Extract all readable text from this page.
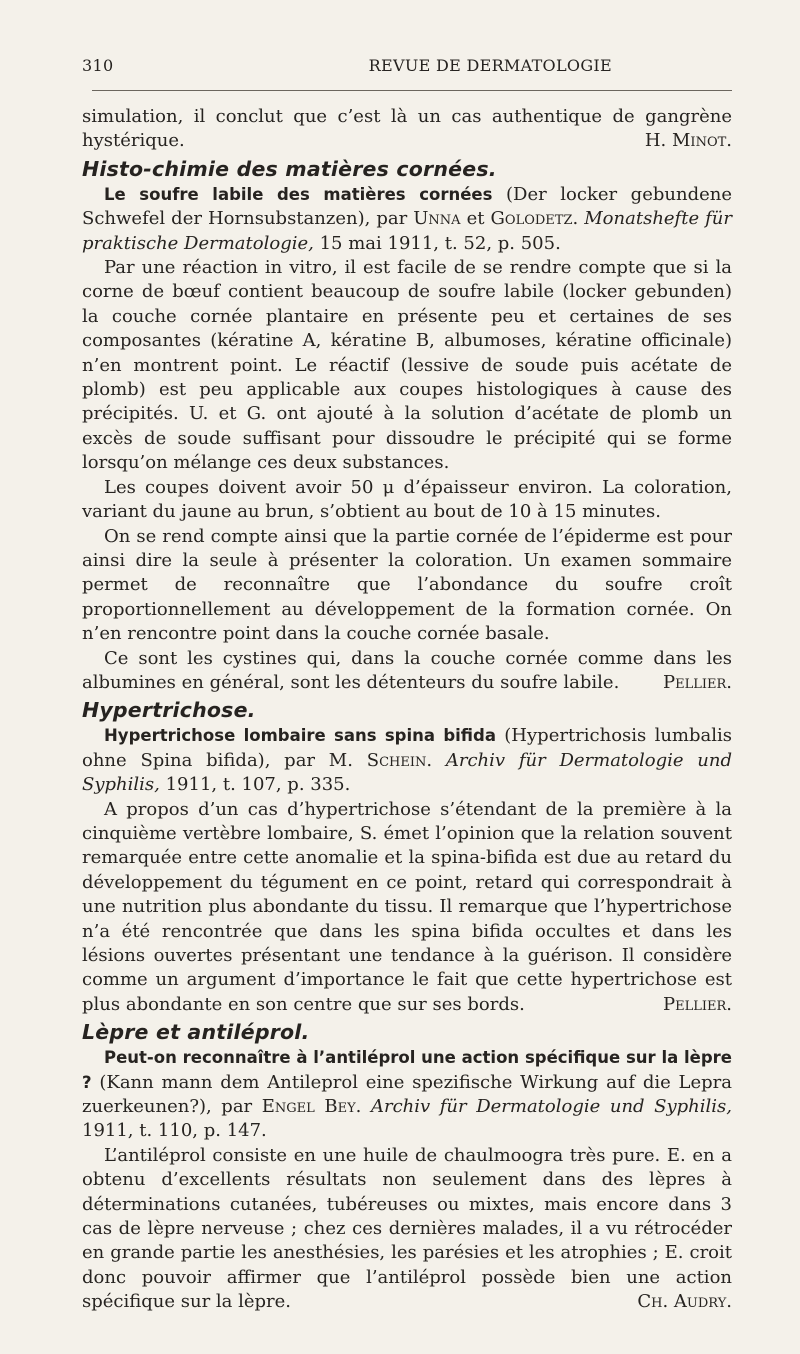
310	REVUE DE DERMATOLOGIE

simulation, il conclut que c’est là un cas authentique de gangrène hystérique.	H. Minot.

Histo-chimie des matières cornées.

Le soufre labile des matières cornées (Der locker gebundene Schwefel der Hornsubstanzen), par Unna et Golodetz. Monatshefte für praktische Dermatologie, 15 mai 1911, t. 52, p. 505.

Par une réaction in vitro, il est facile de se rendre compte que si la corne de bœuf contient beaucoup de soufre labile (locker gebunden) la couche cornée plantaire en présente peu et certaines de ses composantes (kératine A, kératine B, albumoses, kératine officinale) n’en montrent point. Le réactif (lessive de soude puis acétate de plomb) est peu applicable aux coupes histologiques à cause des précipités. U. et G. ont ajouté à la solution d’acétate de plomb un excès de soude suffisant pour dissoudre le précipité qui se forme lorsqu’on mélange ces deux substances.

Les coupes doivent avoir 50 μ d’épaisseur environ. La coloration, variant du jaune au brun, s’obtient au bout de 10 à 15 minutes.

On se rend compte ainsi que la partie cornée de l’épiderme est pour ainsi dire la seule à présenter la coloration. Un examen sommaire permet de reconnaître que l’abondance du soufre croît proportionnellement au développement de la formation cornée. On n’en rencontre point dans la couche cornée basale.

Ce sont les cystines qui, dans la couche cornée comme dans les albumines en général, sont les détenteurs du soufre labile.	Pellier.

Hypertrichose.

Hypertrichose lombaire sans spina bifida (Hypertrichosis lumbalis ohne Spina bifida), par M. Schein. Archiv für Dermatologie und Syphilis, 1911, t. 107, p. 335.

A propos d’un cas d’hypertrichose s’étendant de la première à la cinquième vertèbre lombaire, S. émet l’opinion que la relation souvent remarquée entre cette anomalie et la spina-bifida est due au retard du développement du tégument en ce point, retard qui correspondrait à une nutrition plus abondante du tissu. Il remarque que l’hypertrichose n’a été rencontrée que dans les spina bifida occultes et dans les lésions ouvertes présentant une tendance à la guérison. Il considère comme un argument d’importance le fait que cette hypertrichose est plus abondante en son centre que sur ses bords.	Pellier.

Lèpre et antiléprol.

Peut-on reconnaître à l’antiléprol une action spécifique sur la lèpre ? (Kann mann dem Antileprol eine spezifische Wirkung auf die Lepra zuerkeunen?), par Engel Bey. Archiv für Dermatologie und Syphilis, 1911, t. 110, p. 147.

L’antiléprol consiste en une huile de chaulmoogra très pure. E. en a obtenu d’excellents résultats non seulement dans des lèpres à déterminations cutanées, tubéreuses ou mixtes, mais encore dans 3 cas de lèpre nerveuse ; chez ces dernières malades, il a vu rétrocéder en grande partie les anesthésies, les parésies et les atrophies ; E. croit donc pouvoir affirmer que l’antiléprol possède bien une action spécifique sur la lèpre.	Ch. Audry.
